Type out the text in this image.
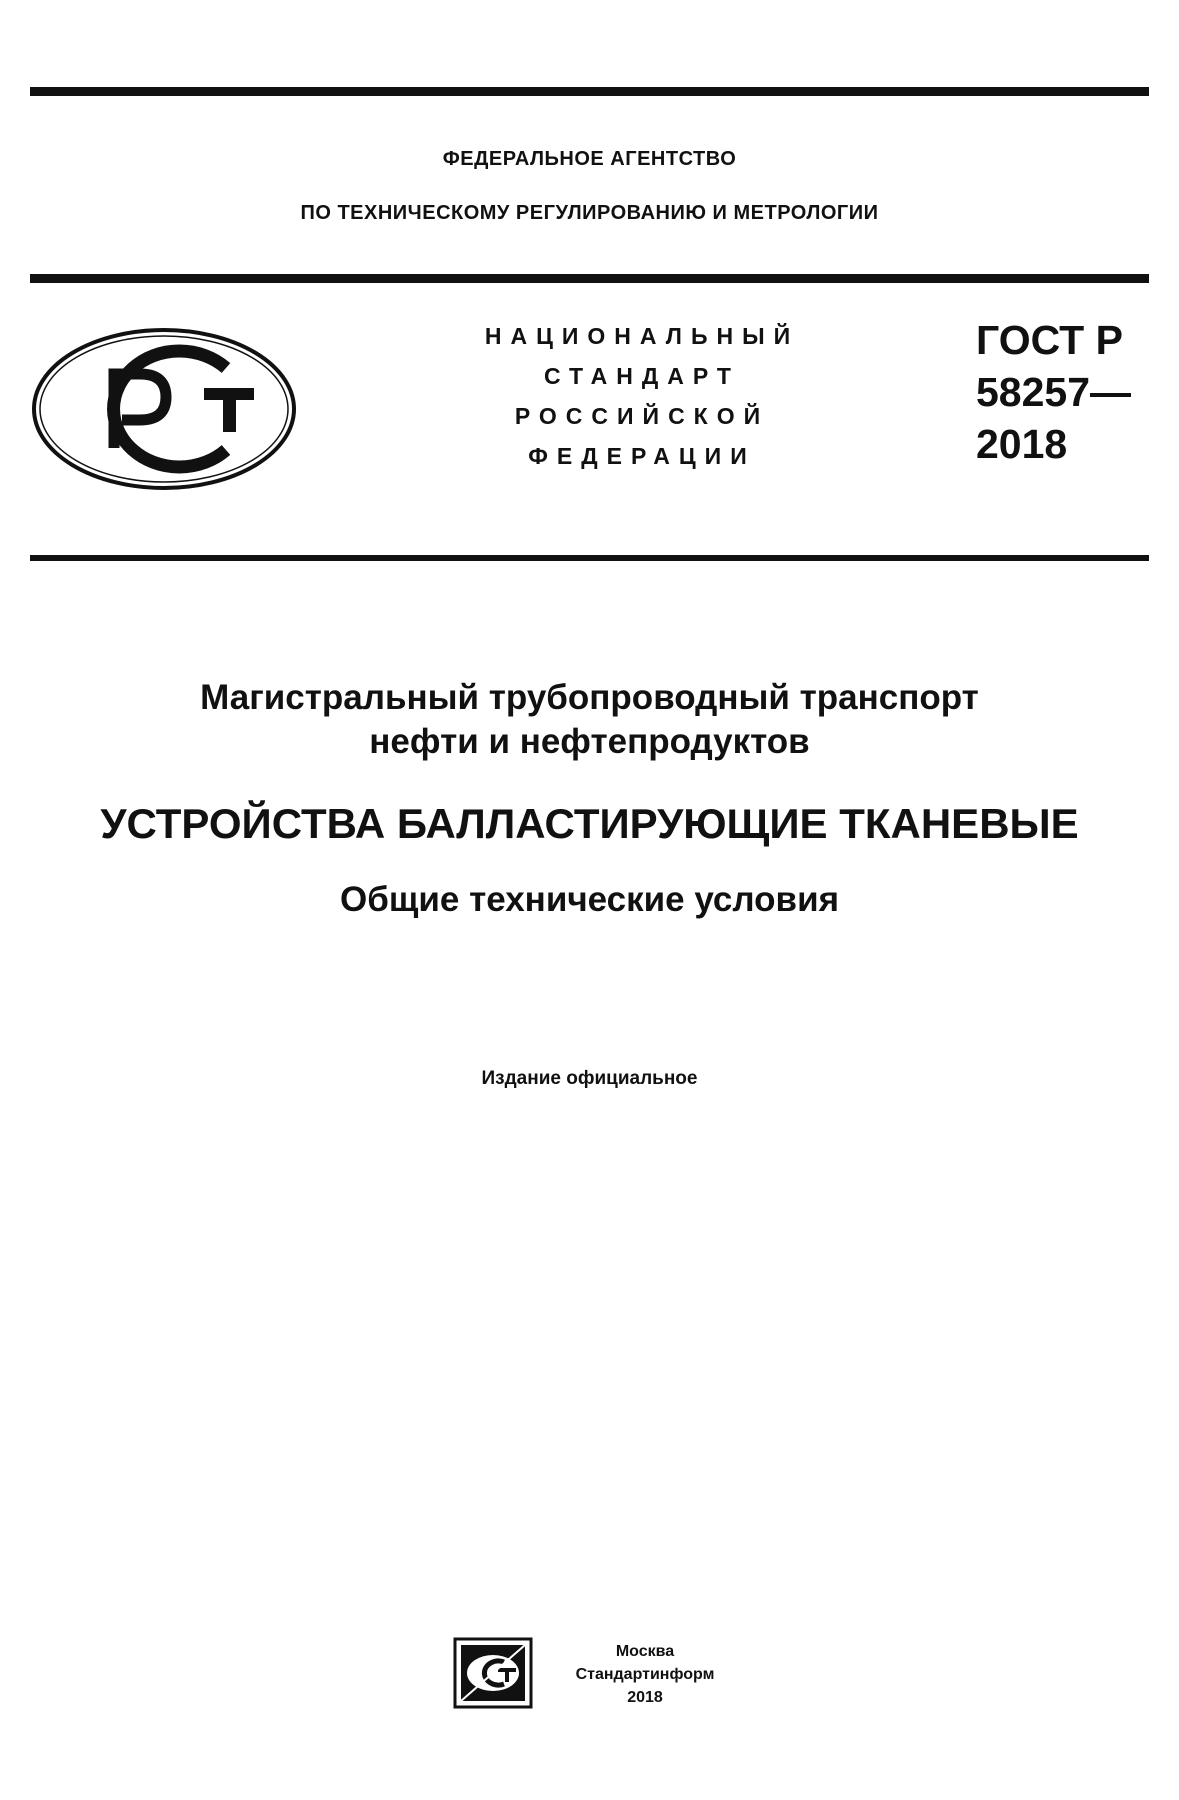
ФЕДЕРАЛЬНОЕ АГЕНТСТВО
ПО ТЕХНИЧЕСКОМУ РЕГУЛИРОВАНИЮ И МЕТРОЛОГИИ
НАЦИОНАЛЬНЫЙ
СТАНДАРТ
РОССИЙСКОЙ
ФЕДЕРАЦИИ
ГОСТ Р
58257—
2018
Магистральный трубопроводный транспорт
нефти и нефтепродуктов
УСТРОЙСТВА БАЛЛАСТИРУЮЩИЕ ТКАНЕВЫЕ
Общие технические условия
Издание официальное
Москва
Стандартинформ
2018
